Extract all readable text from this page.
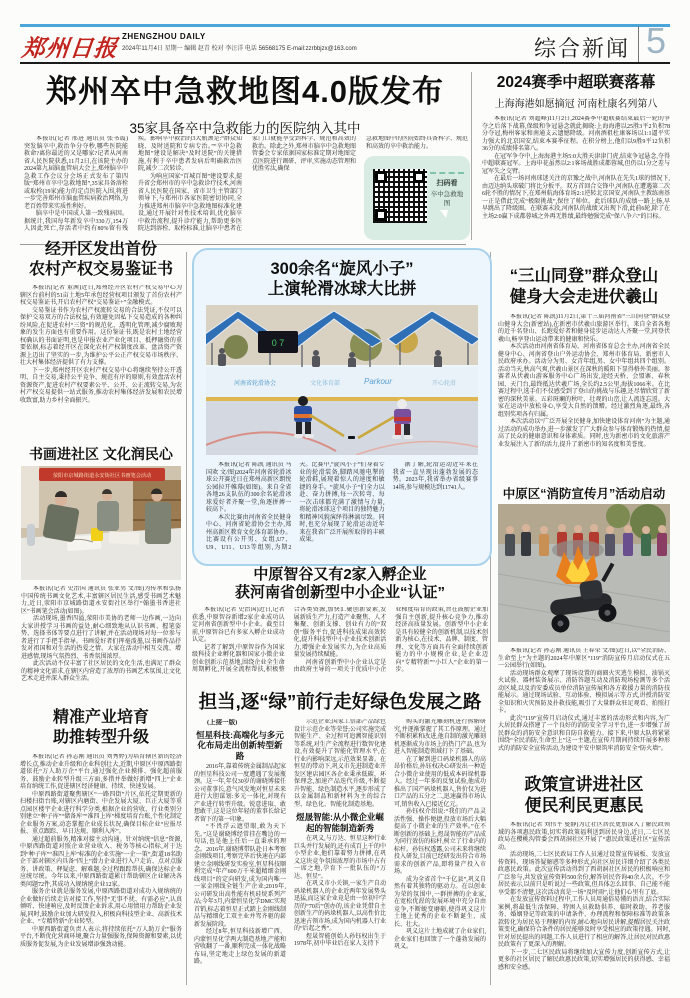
郑州日报 ZHENGZHOU DAILY
2024年11月4日 星期一 编辑 赵青 校对 李汪洋 电话 56568175 E-mail:zzrbbjzx@163.com	综合新闻 5
郑州卒中急救地图4.0版发布
35家具备卒中急救能力的医院纳入其中

本报讯(记者 邢进 通讯员 张书震)突发脑卒中,救治争分夺秒,哪些医院能救命?离你最近的又是哪家?记者从河南省人民医院获悉,11月2日,在该院主办的2024第九届脑血管病大会上,郑州脑卒中急救工作会议分会场正式发布了第四版“郑州市卒中急救地图”,35家具备溶栓或取栓(19家)能力的定点医院入围,将进一步完善郑州市脑血管疾病救治网络,为老百姓带来实质性利好。

脑卒中是中国成人第一致残病因。据统计,我国每年新发卒中330万,154万人因此死亡,存活者中约有80%留有残疾。影响卒中救治的3大瓶颈是:“群众知晓、及时送院和专病专治。”“卒中急救地图”建设是解决“及时送院”的关键措施,有利于卒中患者发病后明确救治医院,减少二次转诊。

为响应国家“百城百图”建设要求,提升省会郑州市的卒中急救诊疗技术,河南省人民医院在国家、省市卫生主管部门领导下,与郑州市各家医院密切协同,全力推进郑州市脑卒中急救地图标准化建设,通过开展针对性技术培训,优化脑卒中救治流程,提升诊疗能力,帮助更多医院达到溶栓、取栓标准,让脑卒中患者在家门口就能享受到科学、规范和高效的救治。除此之外,郑州市脑卒中急救地图管委会专家依据国家标准定期对地图定点医院进行调研、评审,实施动态管理和优胜劣汰,确保

急救地图中的医院始终具备科学、规范和高效的卒中救治能力。

扫码看
卒中急救地图
2024赛季中超联赛落幕
上海海港如愿摘冠 河南杜康名列第八

本报讯(记者 刘超峰)11月2日,2024赛季中超联赛结束最后一轮的争夺之后落下战幕,保级和争冠悬念就此揭晓:上海海港以25胜3平2负积78分夺冠,梅州客家和南通支云遗憾降级。河南酒祖杜康客场以1:1逼平实力强大的北京国安,结束本赛季征程。在积分榜上,他们以9胜9平12负积36分的成绩排名第八。

在冠军争夺中,上海海港主场5:0大胜天津津门虎,结束争冠悬念,夺得中超联赛冠军。上海申花虽然以2:1客场战胜成都蓉城,但仍以1分之差与冠军失之交臂。

在最后一场河南球迷关注的京豫之战中,河南队在先失1球的情况下,由迈达纳头球破门将比分扳平。双方首回合交锋中,河南队在遭遇第二次6轮不胜的情况下,在郑州航海体育场2:1逆转北京国安,河南队主教练南基一正是借此完成“极限挑战”,保住了帅位。此后球队的成绩一路上扬,早早跳出了降级圈。在联赛末段,河南队的战绩又出现下滑,此前6轮,除了在主场2:0赢下成都蓉城之外再无胜绩,最终勉强完成“保八争六”的目标。

经开区发出首份
农村产权交易鉴证书

本报讯(记者 董茜)近日,郑州经开区农村产权交易中心为辖区台前村的51亩土地5年承包经营权项目颁发了首份农村产权交易鉴证书,开启农村产权“交易鉴证+”金融模式。

交易鉴证书作为农村产权流转交易的合法凭证,不仅可以保护交易双方的合法权益,有效避免因私下交易造成的各种纠纷风险,在促进农村“三资”的规范化、透明化管理,减少腐败现象的发生方面也有重要作用。这份鉴证书,既是农村土地经营权确认的书面证明,也是申报农业产业化项目、抵押融资的重要依据,标志着经开区在深化农村产权制度改革、盘活资产资源上迈出了坚实的一步,为维护公平公正产权交易市场秩序、壮大村集体经济提供了有力支撑。

下一步,郑州经开区农村产权交易中心将继续坚持公开透明、自主交易,秉持公平竞争、规范有序的原则,有效盘活农村资源资产,促进农村产权要素公平、公开、公正流转交易,为农村产权交易提供一站式服务,推动农村集体经济发展和农民增收致富,助力乡村全面振兴。

书画进社区 文化润民心
荥阳市京城路街道永安街社区书画笔会活动

本报讯(记者 史治国 通讯员 张亚男 文/图)为传承和弘扬中国传统书画文化艺术,丰富辖区居民生活,感受书画艺术魅力,近日,荥阳市京城路街道永安街社区举行“翰墨书香进社区”书画笔会活动(如图)。

活动现场,墨香四溢,荥阳市美协的老师一边作画,一边向大家讲授学习书画的益处,耐心细致地从认识书画、握笔姿势、选择书体等要点进行了讲解,并在活动现场对每一位参与者进行了手把手指导。书画爱好者们挥毫泼墨,以书画作品抒发对祖国和对生活的热爱之情。大家在活动中相互交流、增进感情,现场气氛热烈、书香氛围浓厚。

此次活动不仅丰富了社区居民的文化生活,也满足了群众的精神文化需求,在辖区内营造了浓厚的书画艺术氛围,让文化艺术走进并深入群众生活。

精准产业培育
助推转型升级

本报讯(记者 孙志刚 通讯员 刘秀婷)为培育辖区新的经济增长点,推动企业升级和企业科创壮大,近期,中原区中原西路街道依托“万人助万企”平台,通过强化企业摸排、强化超前服务、鼓励企业转型升级三方面,多措并举做好新增“四上”企业培育纳统工作,促进辖区经济健康、持续、快速发展。

中原西路街道聚焦辖区“一路四街”片区,依托定期更新的扫楼扫街台账,对辖区内磨街、中企发展大厦、巨正大厦等重点园区楼宇企业进行科学分类,根据企业的营收、行业类别分别建立“种子库”“储备库”“准四上库”梯度培育台账,个性化制定企业服务方案,动态掌握企业成长状况,确保目标企业“应报尽报、重点跟踪、早日达规、顺利入库”。

通过超前服务,精准对接主动沟通。针对纳统“信息”资源,中原西路街道对照企业营业收入、税务等核心指标,对于达到“种子库”“准四上库”标准的企业实施“一企一策”,街道18名助企干部对辖区内具备“四上”潜力企业进行入户走访、点对点服务、讲政策、释疑虑、解难题,全过程跟踪帮扶,确保达标企业应统尽统。今年以来,中原西路街道累计帮助辖区企业解决各类问题72件,其成功入规纳统企业12家。

服务企业就是服务发展,中原西路街道对成功入规纳统的企业做好后续走访对接工作,坚持“无事不扰、有需必应”,认真倾听、快速响应,及时反馈企业诉求,用心用情用力帮助企业发展,同时,鼓励企业加大研发投入,积极向科技型企业、高新技术企业、“专精特新”企业转型。

中原西路街道负责人表示,将持续依托“万人助万企”服务平台,不断优化营商环境,聚合力量强服务,保障资源和要素,以优质服务促发展,为企业发展增添强劲动能。

300余名“旋风小子”
上演轮滑冰球大比拼
0 7
河南省轮滑协会	文化体育部	Parkour	开心轮滑

本报讯(记者 陈凯 通讯员 马国欢 文/图)2024年河南省轮滑冰球公开赛近日在郑州高新区朗悦公园拉开帷幕(如图)。来自全省各地26支队伍的300余名轮滑冰球爱好者齐聚一堂,角逐拼搏一较高下。

本次比赛由河南省全民健身中心、河南省轮滑协会主办,郑州高新区教育文化体育部协办。比赛设有公开男、女组,U7、U9、U11、U13等组别,为期2天。比赛中,“旋风小子”们身着专业的轮滑装备,脚踏风驰电掣的轮滑鞋,展现着惊人的速度和敏捷的身手。“旋风小子”们全力以赴、奋力拼搏,每一次转弯、每一次击球都充满了激情与力量,将轮滑冰球这个项目的独特魅力和精神风貌演绎得淋漓尽致。同时,也充分展现了轮滑运动近年来在我省广泛开展所取得的丰硕成果。

据了解,轮滑运动近年来在我省一直呈现出蓬勃发展的态势。2023年,我省举办省级赛事14场,参与规模达到11741人。

中原智谷又有2家入孵企业
获河南省创新型中小企业“认证”

本报讯(记者 史治国)近日,记者获悉,中原智谷新增2家企业成功认定河南省创新型中小企业。截至目前,中原智谷已有多家入孵企业成功认定。

记者了解到,中原智谷作为国家级科技企业孵化器和国家小微企业创业创新示范基地,围绕企业全生命周期孵化,开展全流程帮扶,积极整合各类资源,加快汇聚创新要素,发展新质生产力,打造产业聚焦、人才集聚、创新支撑、创业有力的“双创”服务平台,促进科技成果高效转化,提升科技型中小企业技术创新活力,增强企业发展实力,为企业高质量发展持续赋能。

河南省创新型中小企业认定是由政府主导的一项关于优质中小企业梯度培育的政策,旨在鼓励企业加强自主创新,提升核心竞争力,推动经济高质量发展。创新型中小企业是具有较健全的创新机制,以技术创新为核心,在技术、品牌、制度、管理、文化等方面具有全面持续创新能力的中小规模企业,是企业迈向“专精特新”“小巨人”企业的第一步。

担当,逐“绿”前行走好绿色发展之路

(上接一版)

恒星科技:高端化与多元化布局走出创新转型新路

2016年,靠着传统金属制品起家的恒星科技公司一度遭遇了发展瓶颈。这一年,年仅30岁的谢晓博接任公司董事长,意气风发地对恒星未来进行大胆谋划:多元一体化,对现有产业进行转型升级。锐意进取、敢想敢干,这是这位年轻的董事长给记者留下的第一印象。

“不畏浮云遮望眼,敢为天下先。”这是谢晓博经常挂在嘴边的一句话,也是他上任后一直秉承的理念。2016年,谢晓博带队赴日本考察金刚线项目,考察完毕后快速在内部建立金刚线研发实验室,恒星科技顺利完成“年产600万千米超精细金刚线项目”的定向研发,成为国内唯一一家金刚线全链生产企业;2019年,公司研发出高性能有机硅烷系列产品;今年3月,内蒙恒星化学DMC实现首销,标志着恒星正式踏上金刚线制品与精细化工双主业并驾齐驱的崭新发展阶段。

经过8年,恒星科技新增广西、内蒙恒星化学两大制造基地,产能和营收翻了一番,顺利完成一体化战略布局,坚定地走上绿色发展的新道路。

示范企业;国家工信部产品绿色设计示范企业等荣誉;公司实施完成智能生产、全过程可追溯智能识别等系统,对生产全流程进行数智化建设,有效提升了智能化管理水平,在行业内影响深远,示范效果显著。在恒星的带动下,巩义市先进制造业开发区建店园区各企业秉承低碳、环保理念,加速产品迭代升级,不断提升智能、绿色制造水平,逐步形成了以金属制品和新材料为主的综合型、绿色化、智能化制造基地。

煜晟智能:从小微企业崛起的智能制造新秀

在巩义,与万达、恒星这种行业巨头并行发展的,还有成百上千的中小型企业,他们靠着努力拼搏,在巩义这块竞争氛围浓厚的市场中占有一席之地,孕育下一批队伍的“万达、恒星”。

在巩义市小关镇,一家生产自动码垛机器人的企业近两年发展势头迅猛,而这家企业竟是由一位初中学历的“70后”创办的,该企业凭借自主创新生产的码垛机器人,以高性价比迅速占领市场,成为国内机器人行业的“后起之秀”。

煜晟智能创始人孙钰权出生于1978年,初中毕业后在家人支持下

购买的激光雕刻机进行拆解研究,并逐渐掌握了其工作原理。通过不断积累和改进,他自制的激光雕刻机逐渐成为市场上的热门产品,也为进入智能制造领域打下了基础。

在了解到进口码垛机器人的高昂价格后,孙钰权决心研发出一种适合小微企业使用的低成本码垛机器人。经过一年多的反复试验,他成功推出了国产码垛机器人,售价仅为进口产品的五分之二,迅速赢得市场认可,销售收入已接近亿元。

孙钰权介绍说:“我们的产品灵活性强、操作便捷,投放市场后大幅提高了小微企业的生产效率。”在不断创新的基础上,煜晟智能的产品成为同行效仿的标杆,树立了行业内的标杆。孙钰权透露,公司未来将继续投入研发,目前已经研发出符合市场需求的创新产品,即将量产投入市场。

成为全省首个“千亿县”,巩义自然有着其独特的驱动力。在以创业为荣的氛围中,一群拼搏的企业家,在宽松优渥的发展环境中充分自由竞争,不断蜕变磨砺,使得巩义这片土地上优秀的企业不断诞生、成长、壮大。

巩义这片土地成就了企业家们,企业家们也回馈了一个蓬勃发展的巩义。

“三山同登”群众登山
健身大会走进伏羲山

本报讯(记者 陈凯)11月2日,第十三届河南省“三山同登”群众登山健身大会(新密站),在新密市伏羲山旅游区举行。来自全省各地的近千名登山、长跑爱好者和健身徒步运动达人齐聚一堂,同登伏羲山,畅享登山运动带来的健康和快乐。

本次活动由河南省体育局、河南省体育总会主办,河南省全民健身中心、河南省登山户外运动协会、郑州市体育局、新密市人民政府承办。活动分为男、女青年组,男、女中年组共四个组别。活动当天,秋高气爽,伏羲山景区在深秋的暖阳下显得格外美丽。参赛者从伏羲山游客服务中心广场出发,途经天桥、会盟寨、春秋园、天门台,最终抵达伏羲广场,全长约2.5公里,海拔1066米。在比赛过程中,选手们不仅感受到了登山的挑战与乐趣,还尽情欣赏了新密的深秋美景。五彩斑斓的秋叶、壮观的山峦,让人流连忘返。大家在运动中放松身心,享受大自然的馈赠。经过激烈角逐,最终,各组别奖项各有归属。

本次活动以“广泛开展全民健身,加快建设体育河南”为主题,通过活动的成功举办,进一步激发了广大群众参与体育锻炼的热情,提高了民众的健康意识和身体素质。同时,也为新密市的文化旅游产业发展注入了新的活力,提升了新密市的知名度和美誉度。

中原区“消防宣传月”活动启动

本报讯(记者 孙志刚 通讯员 王春荣 文/图)近日,以“全民消防、生命至上”为主题的2024年中原区“119”消防宣传月启动仪式在五一公园举行(如图)。

活动现场群众观摩了现场设置的商圈火灾逃生模拟、油锅灭火试验、器材装备展示、消防答题互动及消防现场检测等多个活动区域,以及消安委成员单位消防宣传展和各方救援力量的消防技能展示。通过现场试验、互动体验、模拟展示等方式,讲授消防安全知识和火灾预防及扑救技能,吸引了大量群众驻足观看、拍照打卡。

此次“119”宣传月启动仪式,通过丰富的活动形式和内容,为广大居民群众搭建了一个良好的消防安全学习平台,进一步增强了居民群众的消防安全意识和自防自救能力。接下来,中原大队将紧紧围绕“全民消防,生命至上”这一主题,在宣传月期间持续开展多种形式的消防安全宣传活动,为建设平安中原筑牢消防安全“防火墙”。

政策宣讲进社区
便民利民更惠民

本报讯(记者 刘伟平 曼静)为让社区居民更加深入了解民政领域的各项惠民政策,切实将政策福利送到居民身边,近日,二七区民政局在樱桃沟管委会西胡洞社区开展了“惠民政策进社区”宣传活动。

活动现场,二七区民政局工作人员通过设置宣传展板、发放宣传资料、现场答疑解惑等多种形式,向社区居民详细介绍了各类民政惠民政策。此次宣传活动得到了西胡洞社区居民的积极响应和广泛参与,共发放宣传资料500余份,解答居民咨询40余人次。不少居民表示,以前只是听说过一些政策,但具体怎么回事、自己能不能享受都不清楚,这次活动真是一场“及时雨”,让他们心里有了底。

在发放宣传资料过程中,工作人员用通俗易懂的语言,结合实际案例,将最低生活保障、特困人员救助供养、临时救助、养老服务、婚姻登记等政策的申请条件、办理流程和保障标准等政策条款转化为居民易于理解的内容,耐心地向居民讲解,提醒居民关注政策变化,确保符合条件的居民能够及时享受相应的政策待遇。同时,针对居民提出的问题,工作人员进行了相应的解答,让居民对民政惠民政策有了更深入的理解。

下一步,二七区民政局将继续加大宣传力度,创新宣传方式,让更多的社区居民了解民政惠民政策,切实增强居民的获得感、幸福感和安全感。
